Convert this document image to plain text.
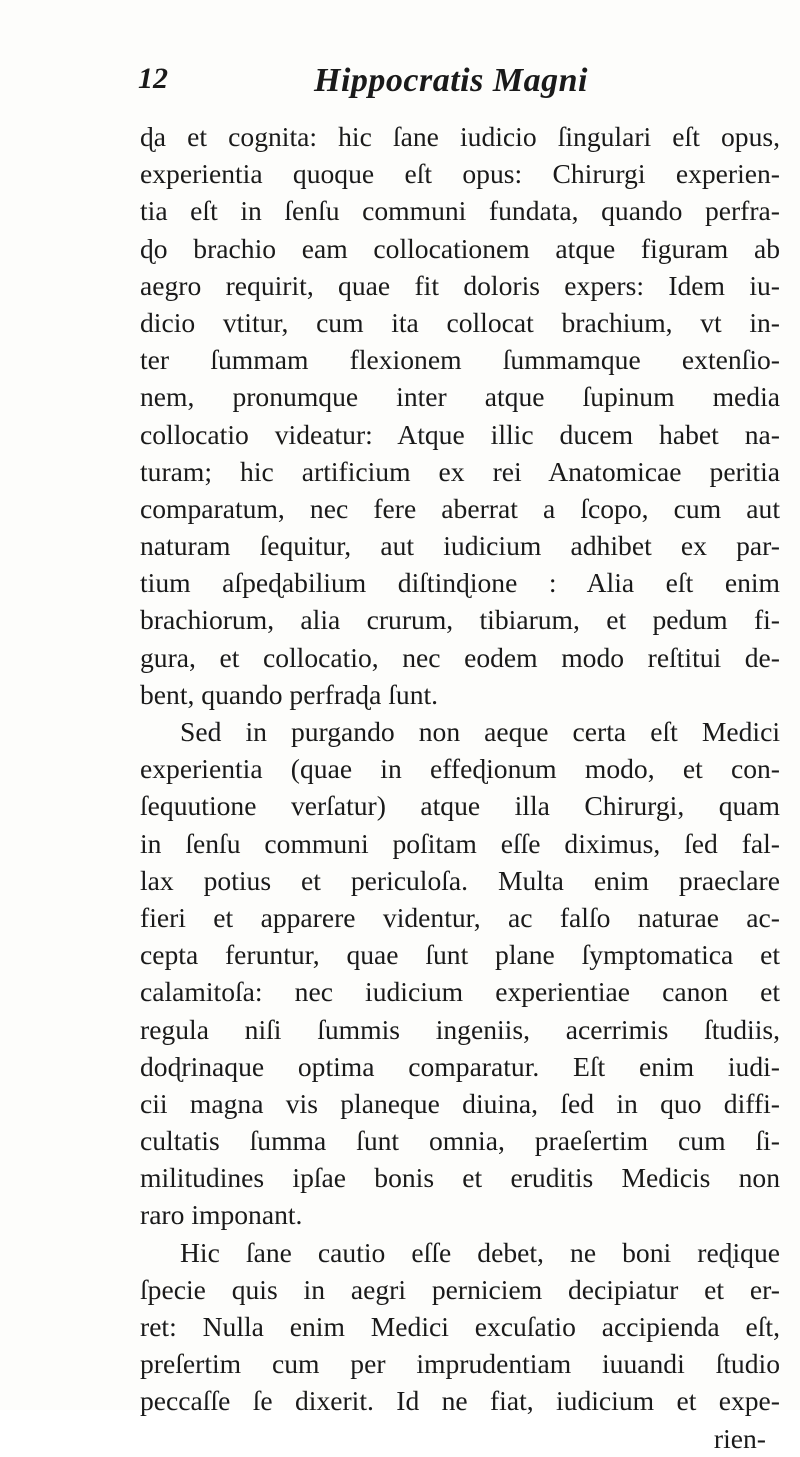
12	Hippocratis Magni
ɖa et cognita: hic ſane iudicio ſingulari eſt opus,
experientia quoque eſt opus: Chirurgi experien-
tia eſt in ſenſu communi fundata, quando perfra-
ɖo brachio eam collocationem atque figuram ab
aegro requirit, quae fit doloris expers: Idem iu-
dicio vtitur, cum ita collocat brachium, vt in-
ter ſummam flexionem ſummamque extenſio-
nem, pronumque inter atque ſupinum media
collocatio videatur: Atque illic ducem habet na-
turam; hic artificium ex rei Anatomicae peritia
comparatum, nec fere aberrat a ſcopo, cum aut
naturam ſequitur, aut iudicium adhibet ex par-
tium aſpeɖabilium diſtinɖione : Alia eſt enim
brachiorum, alia crurum, tibiarum, et pedum fi-
gura, et collocatio, nec eodem modo reſtitui de-
bent, quando perfraɖa ſunt.
Sed in purgando non aeque certa eſt Medici
experientia (quae in effeɖionum modo, et con-
ſequutione verſatur) atque illa Chirurgi, quam
in ſenſu communi poſitam eſſe diximus, ſed fal-
lax potius et periculoſa. Multa enim praeclare
fieri et apparere videntur, ac falſo naturae ac-
cepta feruntur, quae ſunt plane ſymptomatica et
calamitoſa: nec iudicium experientiae canon et
regula niſi ſummis ingeniis, acerrimis ſtudiis,
doɖrinaque optima comparatur. Eſt enim iudi-
cii magna vis planeque diuina, ſed in quo diffi-
cultatis ſumma ſunt omnia, praeſertim cum ſi-
militudines ipſae bonis et eruditis Medicis non
raro imponant.
Hic ſane cautio eſſe debet, ne boni reɖique
ſpecie quis in aegri perniciem decipiatur et er-
ret: Nulla enim Medici excuſatio accipienda eſt,
preſertim cum per imprudentiam iuuandi ſtudio
peccaſſe ſe dixerit. Id ne fiat, iudicium et expe-
rien-
